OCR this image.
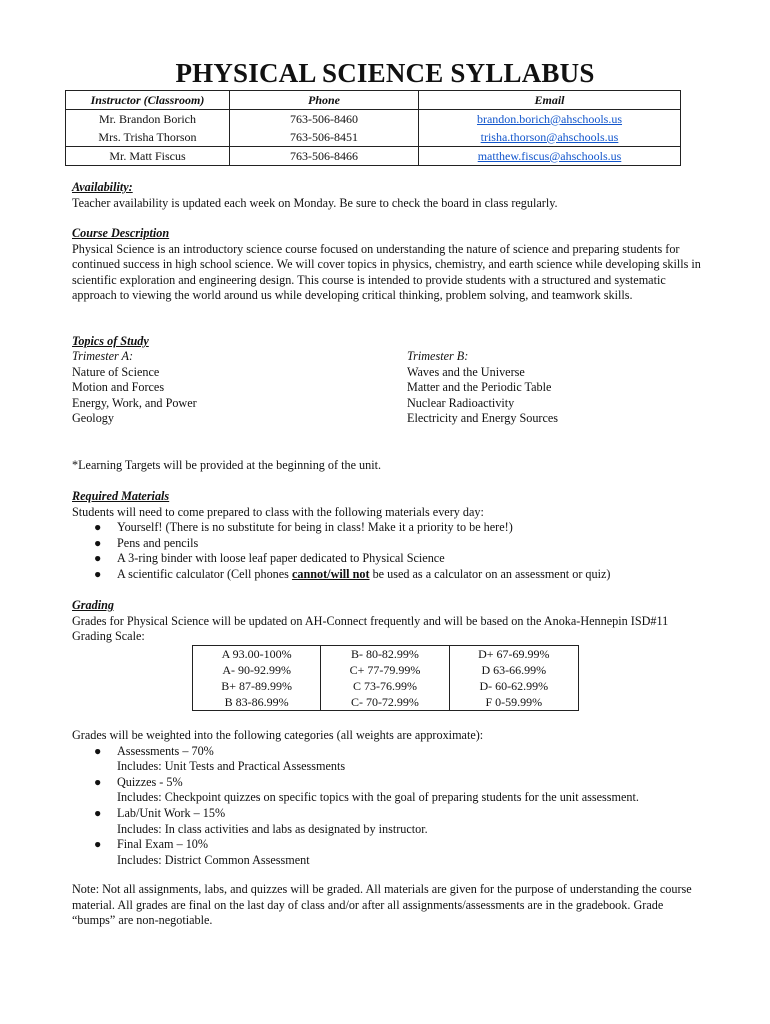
PHYSICAL SCIENCE SYLLABUS
Instructor (Classroom)	Phone	Email
Mr. Brandon Borich	763-506-8460	brandon.borich@ahschools.us
Mrs. Trisha Thorson	763-506-8451	trisha.thorson@ahschools.us
Mr. Matt Fiscus	763-506-8466	matthew.fiscus@ahschools.us

Availability:

Teacher availability is updated each week on Monday. Be sure to check the board in class regularly.

Course Description

Physical Science is an introductory science course focused on understanding the nature of science and preparing students for continued success in high school science. We will cover topics in physics, chemistry, and earth science while developing skills in scientific exploration and engineering design. This course is intended to provide students with a structured and systematic approach to viewing the world around us while developing critical thinking, problem solving, and teamwork skills.

Topics of Study

Trimester A:

Nature of Science

Motion and Forces

Energy, Work, and Power

Geology

Trimester B:

Waves and the Universe

Matter and the Periodic Table

Nuclear Radioactivity

Electricity and Energy Sources

*Learning Targets will be provided at the beginning of the unit.

Required Materials

Students will need to come prepared to class with the following materials every day:

● Yourself! (There is no substitute for being in class! Make it a priority to be here!)
● Pens and pencils
● A 3-ring binder with loose leaf paper dedicated to Physical Science
● A scientific calculator (Cell phones cannot/will not be used as a calculator on an assessment or quiz)

Grading

Grades for Physical Science will be updated on AH-Connect frequently and will be based on the Anoka-Hennepin ISD#11 Grading Scale:

A 93.00-100%	B- 80-82.99%	D+ 67-69.99%
A- 90-92.99%	C+ 77-79.99%	D 63-66.99%
B+ 87-89.99%	C 73-76.99%	D- 60-62.99%
B 83-86.99%	C- 70-72.99%	F 0-59.99%

Grades will be weighted into the following categories (all weights are approximate):

● Assessments – 70%
Includes: Unit Tests and Practical Assessments
● Quizzes - 5%
Includes: Checkpoint quizzes on specific topics with the goal of preparing students for the unit assessment.
● Lab/Unit Work – 15%
Includes: In class activities and labs as designated by instructor.
● Final Exam – 10%
Includes: District Common Assessment

Note: Not all assignments, labs, and quizzes will be graded. All materials are given for the purpose of understanding the course material. All grades are final on the last day of class and/or after all assignments/assessments are in the gradebook. Grade “bumps” are non-negotiable.
